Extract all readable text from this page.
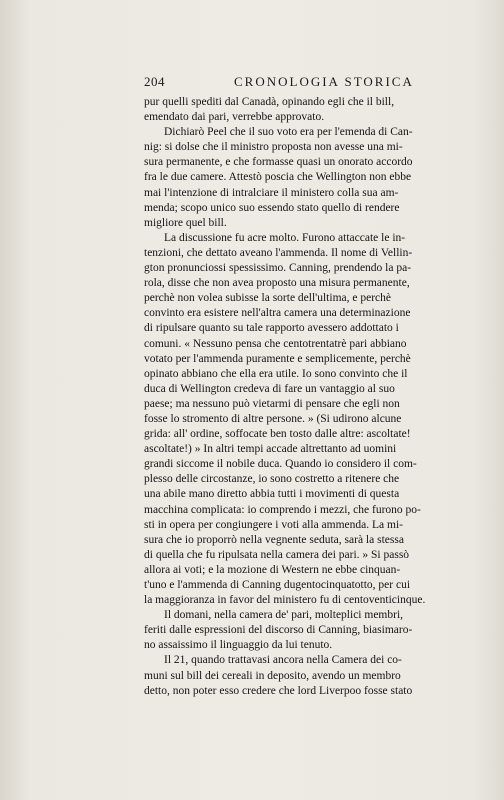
204	CRONOLOGIA STORICA
pur quelli spediti dal Canadà, opinando egli che il bill,
emendato dai pari, verrebbe approvato.
Dichiarò Peel che il suo voto era per l'emenda di Can-
nig: si dolse che il ministro proposta non avesse una mi-
sura permanente, e che formasse quasi un onorato accordo
fra le due camere. Attestò poscia che Wellington non ebbe
mai l'intenzione di intralciare il ministero colla sua am-
menda; scopo unico suo essendo stato quello di rendere
migliore quel bill.
La discussione fu acre molto. Furono attaccate le in-
tenzioni, che dettato aveano l'ammenda. Il nome di Vellin-
gton pronunciossi spessissimo. Canning, prendendo la pa-
rola, disse che non avea proposto una misura permanente,
perchè non volea subisse la sorte dell'ultima, e perchè
convinto era esistere nell'altra camera una determinazione
di ripulsare quanto su tale rapporto avessero addottato i
comuni. « Nessuno pensa che centotrentatrè pari abbiano
votato per l'ammenda puramente e semplicemente, perchè
opinato abbiano che ella era utile. Io sono convinto che il
duca di Wellington credeva di fare un vantaggio al suo
paese; ma nessuno può vietarmi di pensare che egli non
fosse lo stromento di altre persone. » (Si udirono alcune
grida: all' ordine, soffocate ben tosto dalle altre: ascoltate!
ascoltate!) » In altri tempi accade altrettanto ad uomini
grandi siccome il nobile duca. Quando io considero il com-
plesso delle circostanze, io sono costretto a ritenere che
una abile mano diretto abbia tutti i movimenti di questa
macchina complicata: io comprendo i mezzi, che furono po-
sti in opera per congiungere i voti alla ammenda. La mi-
sura che io proporrò nella vegnente seduta, sarà la stessa
di quella che fu ripulsata nella camera dei pari. » Si passò
allora ai voti; e la mozione di Western ne ebbe cinquan-
t'uno e l'ammenda di Canning dugentocinquatotto, per cui
la maggioranza in favor del ministero fu di centoventicinque.
Il domani, nella camera de' pari, molteplici membri,
feriti dalle espressioni del discorso di Canning, biasimaro-
no assaissimo il linguaggio da lui tenuto.
Il 21, quando trattavasi ancora nella Camera dei co-
muni sul bill dei cereali in deposito, avendo un membro
detto, non poter esso credere che lord Liverpoo fosse stato
